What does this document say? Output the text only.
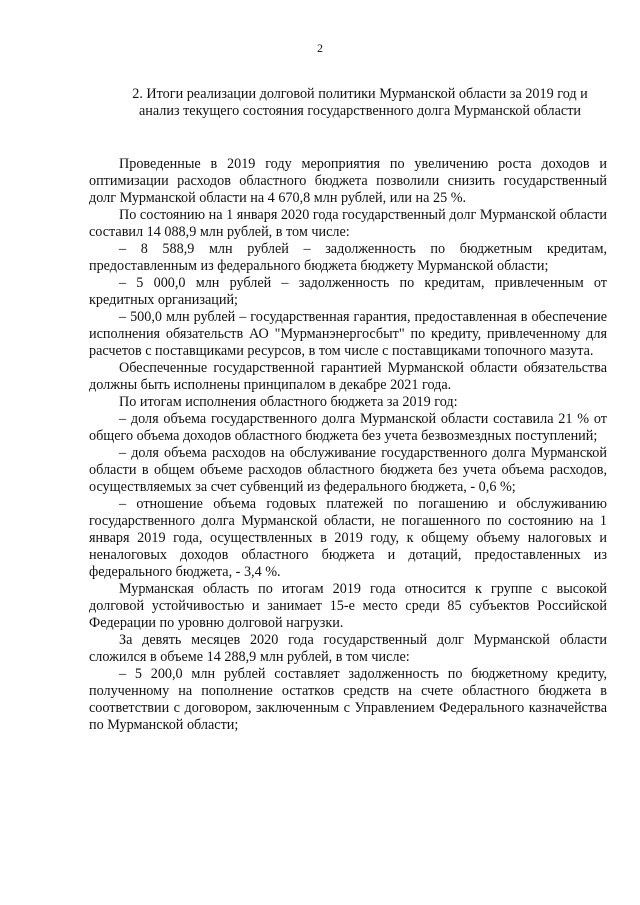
2
2. Итоги реализации долговой политики Мурманской области за 2019 год и анализ текущего состояния государственного долга Мурманской области

Проведенные в 2019 году мероприятия по увеличению роста доходов и оптимизации расходов областного бюджета позволили снизить государственный долг Мурманской области на 4 670,8 млн рублей, или на 25 %.

По состоянию на 1 января 2020 года государственный долг Мурманской области составил 14 088,9 млн рублей, в том числе:

– 8 588,9 млн рублей – задолженность по бюджетным кредитам, предоставленным из федерального бюджета бюджету Мурманской области;

– 5 000,0 млн рублей – задолженность по кредитам, привлеченным от кредитных организаций;

– 500,0 млн рублей – государственная гарантия, предоставленная в обеспечение исполнения обязательств АО "Мурманэнергосбыт" по кредиту, привлеченному для расчетов с поставщиками ресурсов, в том числе с поставщиками топочного мазута.

Обеспеченные государственной гарантией Мурманской области обязательства должны быть исполнены принципалом в декабре 2021 года.

По итогам исполнения областного бюджета за 2019 год:

– доля объема государственного долга Мурманской области составила 21 % от общего объема доходов областного бюджета без учета безвозмездных поступлений;

– доля объема расходов на обслуживание государственного долга Мурманской области в общем объеме расходов областного бюджета без учета объема расходов, осуществляемых за счет субвенций из федерального бюджета, - 0,6 %;

– отношение объема годовых платежей по погашению и обслуживанию государственного долга Мурманской области, не погашенного по состоянию на 1 января 2019 года, осуществленных в 2019 году, к общему объему налоговых и неналоговых доходов областного бюджета и дотаций, предоставленных из федерального бюджета, - 3,4 %.

Мурманская область по итогам 2019 года относится к группе с высокой долговой устойчивостью и занимает 15-е место среди 85 субъектов Российской Федерации по уровню долговой нагрузки.

За девять месяцев 2020 года государственный долг Мурманской области сложился в объеме 14 288,9 млн рублей, в том числе:

– 5 200,0 млн рублей составляет задолженность по бюджетному кредиту, полученному на пополнение остатков средств на счете областного бюджета в соответствии с договором, заключенным с Управлением Федерального казначейства по Мурманской области;
